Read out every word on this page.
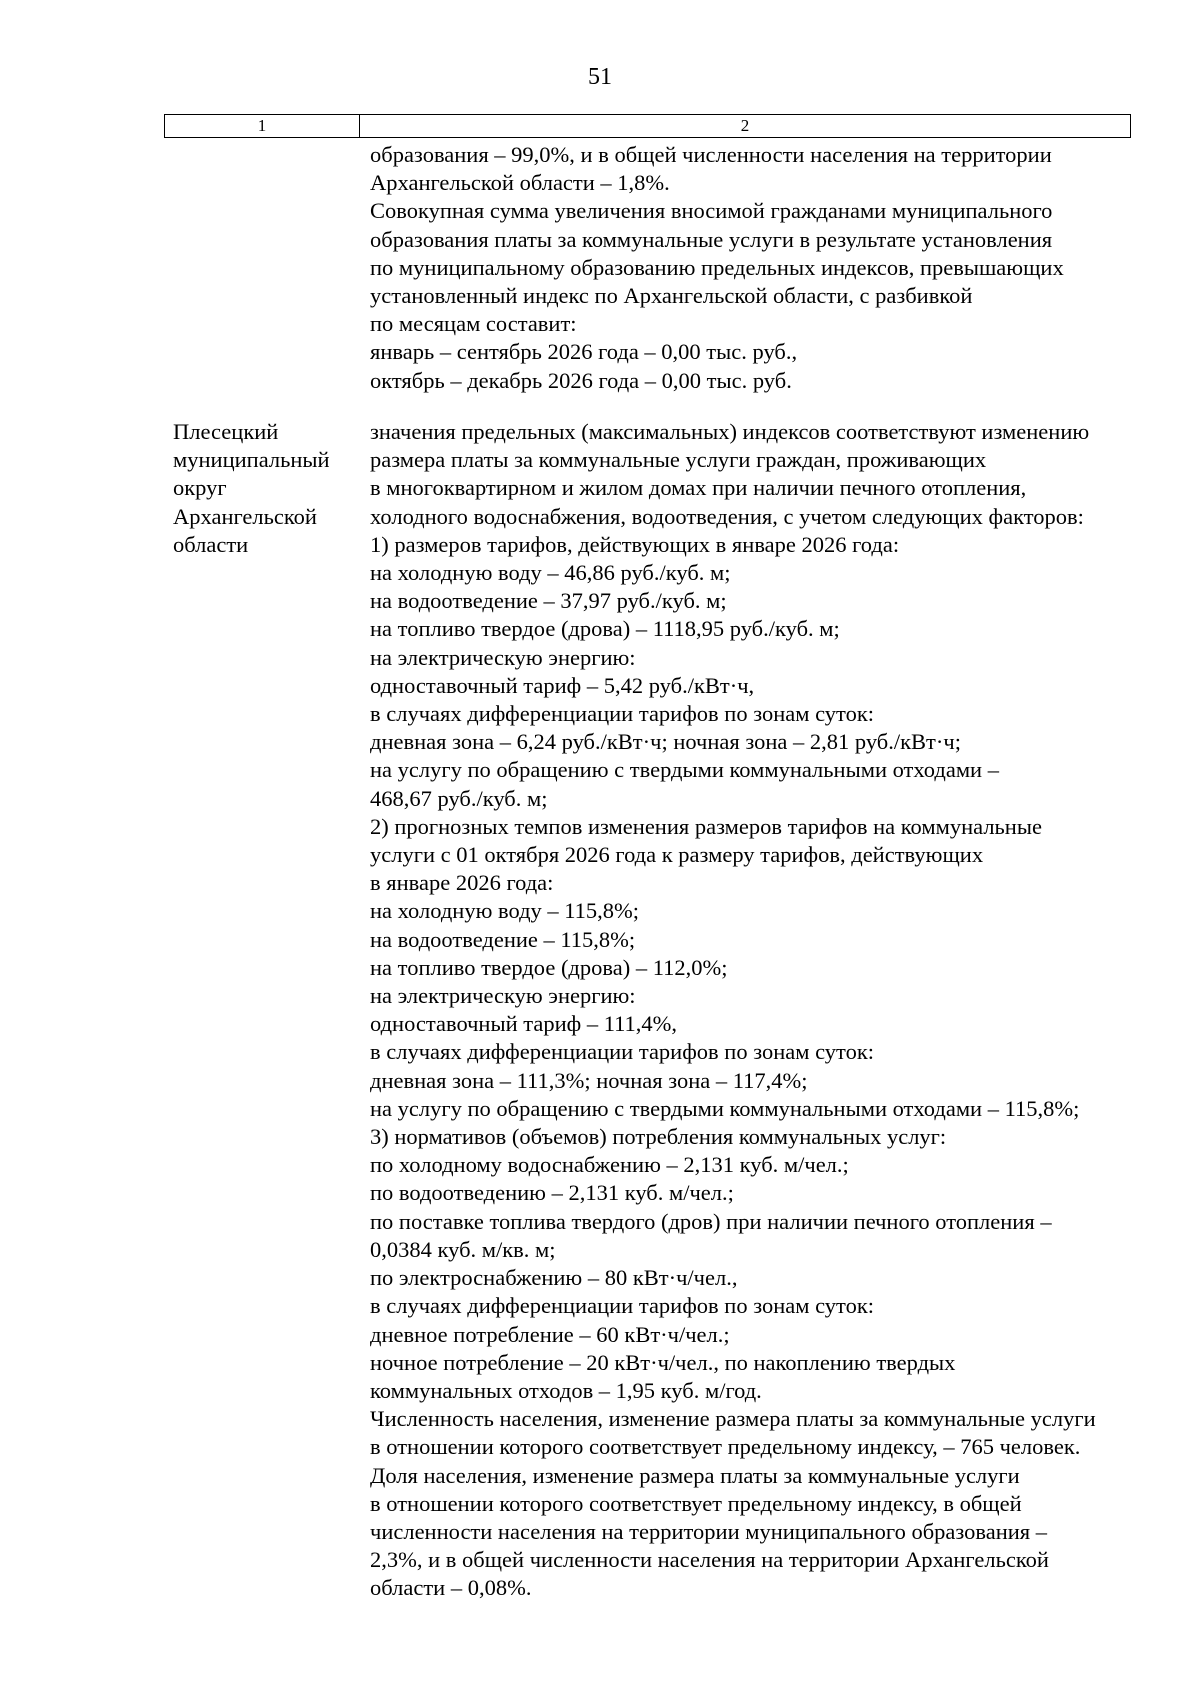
51
1	2
образования – 99,0%, и в общей численности населения на территории
Архангельской области – 1,8%.
Совокупная сумма увеличения вносимой гражданами муниципального
образования платы за коммунальные услуги в результате установления
по муниципальному образованию предельных индексов, превышающих
установленный индекс по Архангельской области, с разбивкой
по месяцам составит:
январь – сентябрь 2026 года – 0,00 тыс. руб.,
октябрь – декабрь 2026 года – 0,00 тыс. руб.
Плесецкий
муниципальный
округ
Архангельской
области
значения предельных (максимальных) индексов соответствуют изменению
размера платы за коммунальные услуги граждан, проживающих
в многоквартирном и жилом домах при наличии печного отопления,
холодного водоснабжения, водоотведения, с учетом следующих факторов:
1) размеров тарифов, действующих в январе 2026 года:
на холодную воду – 46,86 руб./куб. м;
на водоотведение – 37,97 руб./куб. м;
на топливо твердое (дрова) – 1118,95 руб./куб. м;
на электрическую энергию:
одноставочный тариф – 5,42 руб./кВт·ч,
в случаях дифференциации тарифов по зонам суток:
дневная зона – 6,24 руб./кВт·ч; ночная зона – 2,81 руб./кВт·ч;
на услугу по обращению с твердыми коммунальными отходами –
468,67 руб./куб. м;
2) прогнозных темпов изменения размеров тарифов на коммунальные
услуги с 01 октября 2026 года к размеру тарифов, действующих
в январе 2026 года:
на холодную воду – 115,8%;
на водоотведение – 115,8%;
на топливо твердое (дрова) – 112,0%;
на электрическую энергию:
одноставочный тариф – 111,4%,
в случаях дифференциации тарифов по зонам суток:
дневная зона – 111,3%; ночная зона – 117,4%;
на услугу по обращению с твердыми коммунальными отходами – 115,8%;
3) нормативов (объемов) потребления коммунальных услуг:
по холодному водоснабжению – 2,131 куб. м/чел.;
по водоотведению – 2,131 куб. м/чел.;
по поставке топлива твердого (дров) при наличии печного отопления –
0,0384 куб. м/кв. м;
по электроснабжению – 80 кВт·ч/чел.,
в случаях дифференциации тарифов по зонам суток:
дневное потребление – 60 кВт·ч/чел.;
ночное потребление – 20 кВт·ч/чел., по накоплению твердых
коммунальных отходов – 1,95 куб. м/год.
Численность населения, изменение размера платы за коммунальные услуги
в отношении которого соответствует предельному индексу, – 765 человек.
Доля населения, изменение размера платы за коммунальные услуги
в отношении которого соответствует предельному индексу, в общей
численности населения на территории муниципального образования –
2,3%, и в общей численности населения на территории Архангельской
области – 0,08%.
